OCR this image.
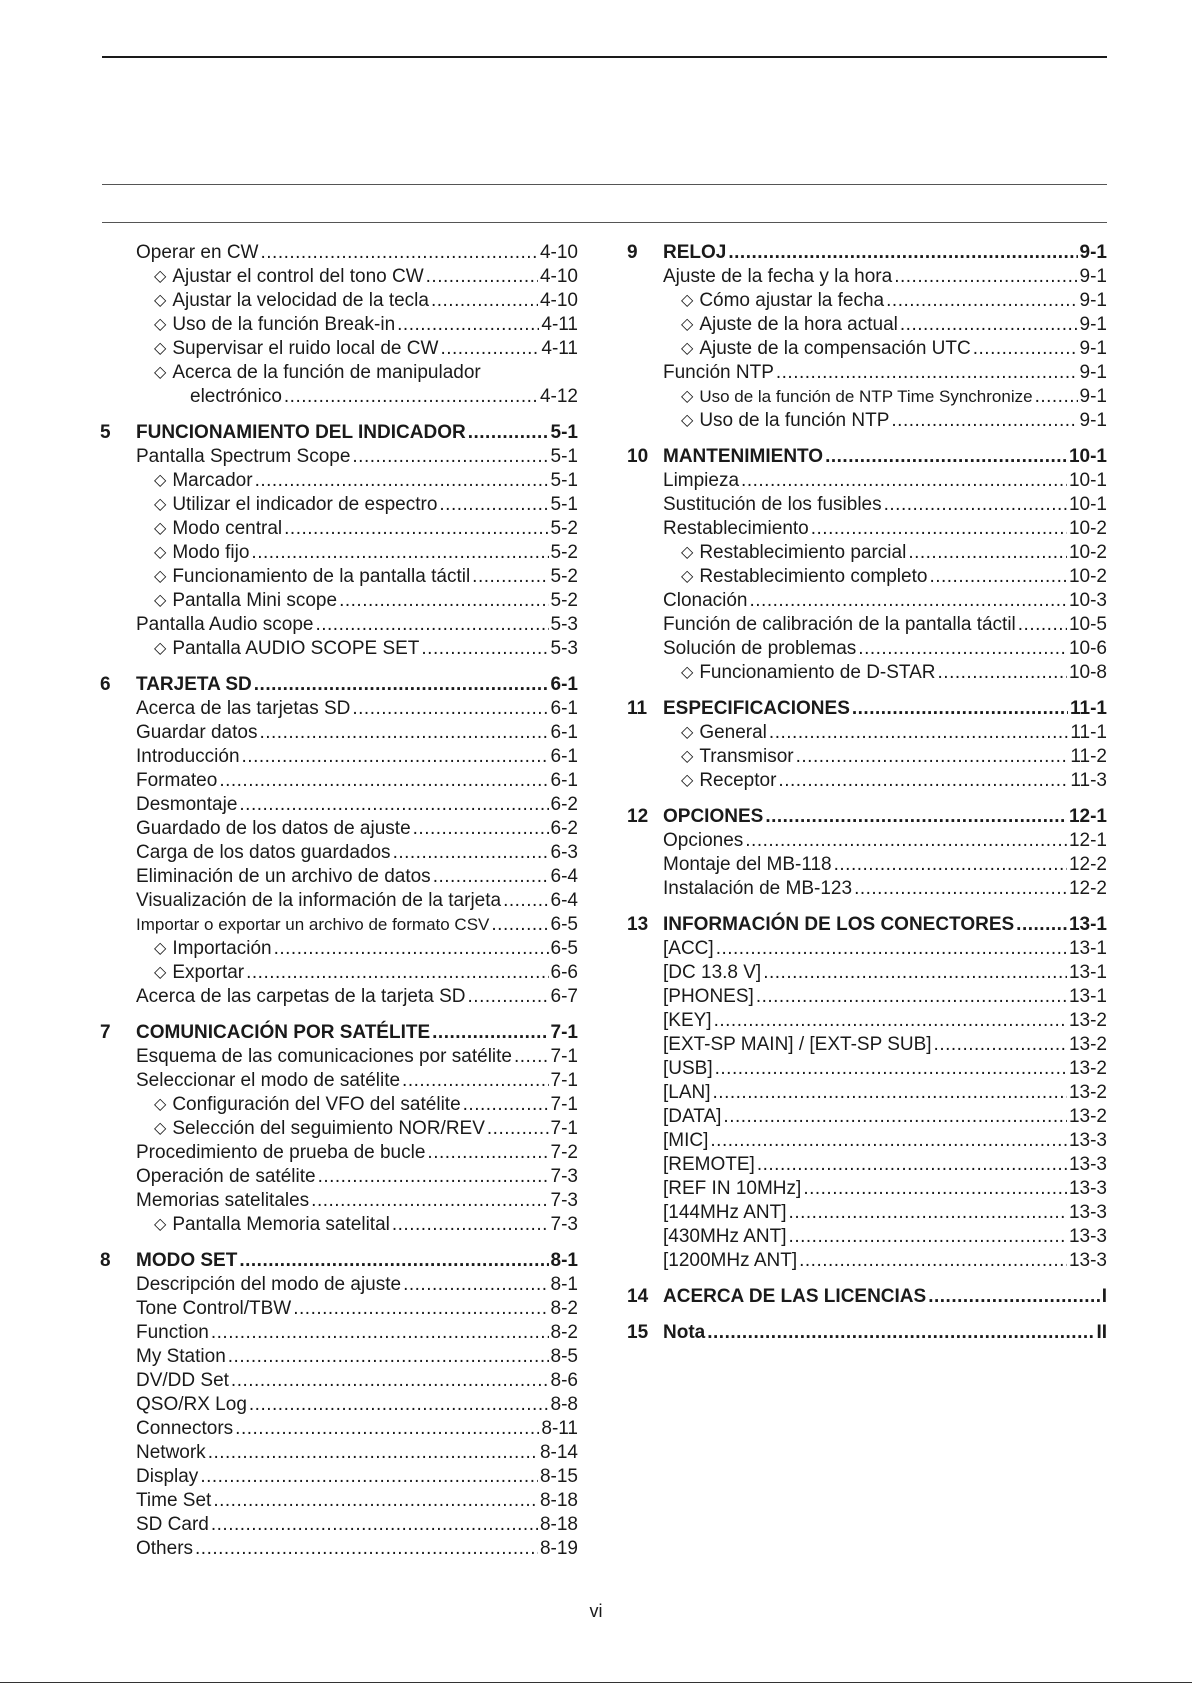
Operar en CW .....	4-10
◇ Ajustar el control del tono CW .....	4-10
◇ Ajustar la velocidad de la tecla .....	4-10
◇ Uso de la función Break-in .....	4-11
◇ Supervisar el ruido local de CW .....	4-11
◇ Acerca de la función de manipulador
electrónico .....	4-12
5 FUNCIONAMIENTO DEL INDICADOR .....	5-1
Pantalla Spectrum Scope .....	5-1
◇ Marcador .....	5-1
◇ Utilizar el indicador de espectro .....	5-1
◇ Modo central .....	5-2
◇ Modo fijo .....	5-2
◇ Funcionamiento de la pantalla táctil .....	5-2
◇ Pantalla Mini scope .....	5-2
Pantalla Audio scope .....	5-3
◇ Pantalla AUDIO SCOPE SET .....	5-3
6 TARJETA SD .....	6-1
Acerca de las tarjetas SD .....	6-1
Guardar datos .....	6-1
Introducción .....	6-1
Formateo .....	6-1
Desmontaje .....	6-2
Guardado de los datos de ajuste .....	6-2
Carga de los datos guardados .....	6-3
Eliminación de un archivo de datos .....	6-4
Visualización de la información de la tarjeta .....	6-4
Importar o exportar un archivo de formato CSV .....	6-5
◇ Importación .....	6-5
◇ Exportar .....	6-6
Acerca de las carpetas de la tarjeta SD .....	6-7
7 COMUNICACIÓN POR SATÉLITE .....	7-1
Esquema de las comunicaciones por satélite ..... 7-1
Seleccionar el modo de satélite .....	7-1
◇ Configuración del VFO del satélite .....	7-1
◇ Selección del seguimiento NOR/REV .....	7-1
Procedimiento de prueba de bucle .....	7-2
Operación de satélite .....	7-3
Memorias satelitales .....	7-3
◇ Pantalla Memoria satelital .....	7-3
8 MODO SET .....	8-1
Descripción del modo de ajuste .....	8-1
Tone Control/TBW .....	8-2
Function .....	8-2
My Station .....	8-5
DV/DD Set .....	8-6
QSO/RX Log .....	8-8
Connectors .....	8-11
Network .....	8-14
Display .....	8-15
Time Set .....	8-18
SD Card .....	8-18
Others .....	8-19
9 RELOJ .....	9-1
Ajuste de la fecha y la hora .....	9-1
◇ Cómo ajustar la fecha .....	9-1
◇ Ajuste de la hora actual .....	9-1
◇ Ajuste de la compensación UTC .....	9-1
Función NTP .....	9-1
◇ Uso de la función de NTP Time Synchronize ..... 9-1
◇ Uso de la función NTP .....	9-1
10 MANTENIMIENTO .....	10-1
Limpieza .....	10-1
Sustitución de los fusibles .....	10-1
Restablecimiento .....	10-2
◇ Restablecimiento parcial .....	10-2
◇ Restablecimiento completo .....	10-2
Clonación .....	10-3
Función de calibración de la pantalla táctil .....	10-5
Solución de problemas .....	10-6
◇ Funcionamiento de D-STAR .....	10-8
11 ESPECIFICACIONES .....	11-1
◇ General .....	11-1
◇ Transmisor .....	11-2
◇ Receptor .....	11-3
12 OPCIONES .....	12-1
Opciones .....	12-1
Montaje del MB-118 .....	12-2
Instalación de MB-123 .....	12-2
13 INFORMACIÓN DE LOS CONECTORES .....	13-1
[ACC] .....	13-1
[DC 13.8 V] .....	13-1
[PHONES] .....	13-1
[KEY] .....	13-2
[EXT-SP MAIN] / [EXT-SP SUB] .....	13-2
[USB] .....	13-2
[LAN] .....	13-2
[DATA] .....	13-2
[MIC] .....	13-3
[REMOTE] .....	13-3
[REF IN 10MHz] .....	13-3
[144MHz ANT] .....	13-3
[430MHz ANT] .....	13-3
[1200MHz ANT] .....	13-3
14 ACERCA DE LAS LICENCIAS .....	I
15 Nota .....	II
vi
